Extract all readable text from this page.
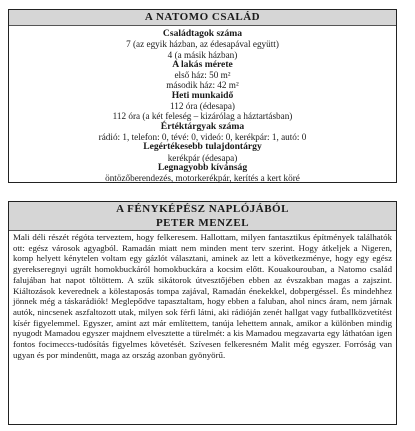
A NATOMO CSALÁD
Családtagok száma
7 (az egyik házban, az édesapával együtt)
4 (a másik házban)
A lakás mérete
első ház: 50 m²
második ház: 42 m²
Heti munkaidő
112 óra (édesapa)
112 óra (a két feleség – kizárólag a háztartásban)
Értéktárgyak száma
rádió: 1, telefon: 0, tévé: 0, videó: 0, kerékpár: 1, autó: 0
Legértékesebb tulajdontárgy
kerékpár (édesapa)
Legnagyobb kívánság
öntözőberendezés, motorkerékpár, kerítés a kert köré
A FÉNYKÉPÉSZ NAPLÓJÁBÓL
PETER MENZEL
Mali déli részét régóta terveztem, hogy felkeresem. Hallottam, milyen fantasztikus építmények találhatók ott: egész városok agyagból. Ramadán miatt nem minden ment terv szerint. Hogy átkeljek a Nigeren, komp helyett kénytelen voltam egy gázlót választani, aminek az lett a következménye, hogy egy egész gyerekseregnyi ugrált homokbuckáról homokbuckára a kocsim előtt. Kouakourouban, a Natomo család falujában hat napot töltöttem. A szűk sikátorok útvesztőjében ebben az évszakban magas a zajszint. Kiáltozások keverednek a kölestaposás tompa zajával, Ramadán énekekkel, dobpergéssel. És mindehhez jönnek még a táskarádiók! Meglepődve tapasztaltam, hogy ebben a faluban, ahol nincs áram, nem járnak autók, nincsenek aszfaltozott utak, milyen sok férfi látni, aki rádióján zenét hallgat vagy futballközvetítést kísér figyelemmel. Egyszer, amint azt már említettem, tanúja lehettem annak, amikor a különben mindig nyugodt Mamadou egyszer majdnem elvesztette a türelmét: a kis Mamadou megzavarta egy láthatóan igen fontos focimeccs-tudósítás figyelmes követését. Szívesen felkeresném Malit még egyszer. Forróság van ugyan és por mindenütt, maga az ország azonban gyönyörű.
